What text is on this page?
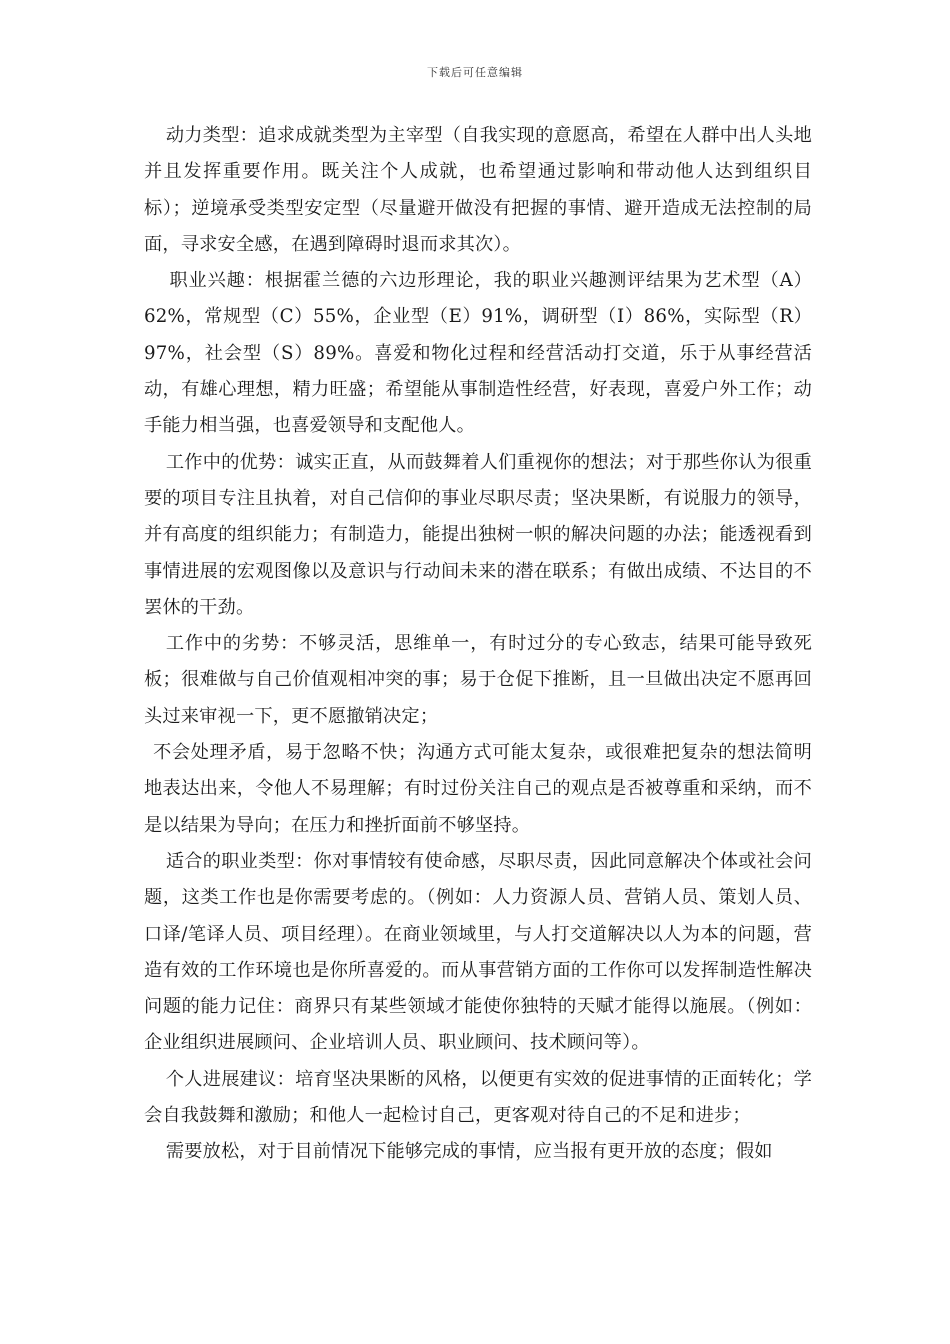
下载后可任意编辑

动力类型：追求成就类型为主宰型（自我实现的意愿高，希望在人群中出人头地并且发挥重要作用。既关注个人成就，也希望通过影响和带动他人达到组织目标）；逆境承受类型安定型（尽量避开做没有把握的事情、避开造成无法控制的局面，寻求安全感，在遇到障碍时退而求其次）。

职业兴趣：根据霍兰德的六边形理论，我的职业兴趣测评结果为艺术型（A）62%，常规型（C）55%，企业型（E）91%，调研型（I）86%，实际型（R）97%，社会型（S）89%。喜爱和物化过程和经营活动打交道，乐于从事经营活动，有雄心理想，精力旺盛；希望能从事制造性经营，好表现，喜爱户外工作；动手能力相当强，也喜爱领导和支配他人。

工作中的优势：诚实正直，从而鼓舞着人们重视你的想法；对于那些你认为很重要的项目专注且执着，对自己信仰的事业尽职尽责；坚决果断，有说服力的领导，并有高度的组织能力；有制造力，能提出独树一帜的解决问题的办法；能透视看到事情进展的宏观图像以及意识与行动间未来的潜在联系；有做出成绩、不达目的不罢休的干劲。

工作中的劣势：不够灵活，思维单一，有时过分的专心致志，结果可能导致死板；很难做与自己价值观相冲突的事；易于仓促下推断，且一旦做出决定不愿再回头过来审视一下，更不愿撤销决定；

不会处理矛盾，易于忽略不快；沟通方式可能太复杂，或很难把复杂的想法简明地表达出来，令他人不易理解；有时过份关注自己的观点是否被尊重和采纳，而不是以结果为导向；在压力和挫折面前不够坚持。

适合的职业类型：你对事情较有使命感，尽职尽责，因此同意解决个体或社会问题，这类工作也是你需要考虑的。（例如：人力资源人员、营销人员、策划人员、口译/笔译人员、项目经理）。在商业领域里，与人打交道解决以人为本的问题，营造有效的工作环境也是你所喜爱的。而从事营销方面的工作你可以发挥制造性解决问题的能力记住：商界只有某些领域才能使你独特的天赋才能得以施展。（例如：企业组织进展顾问、企业培训人员、职业顾问、技术顾问等）。

个人进展建议：培育坚决果断的风格，以便更有实效的促进事情的正面转化；学会自我鼓舞和激励；和他人一起检讨自己，更客观对待自己的不足和进步；

需要放松，对于目前情况下能够完成的事情，应当报有更开放的态度；假如
